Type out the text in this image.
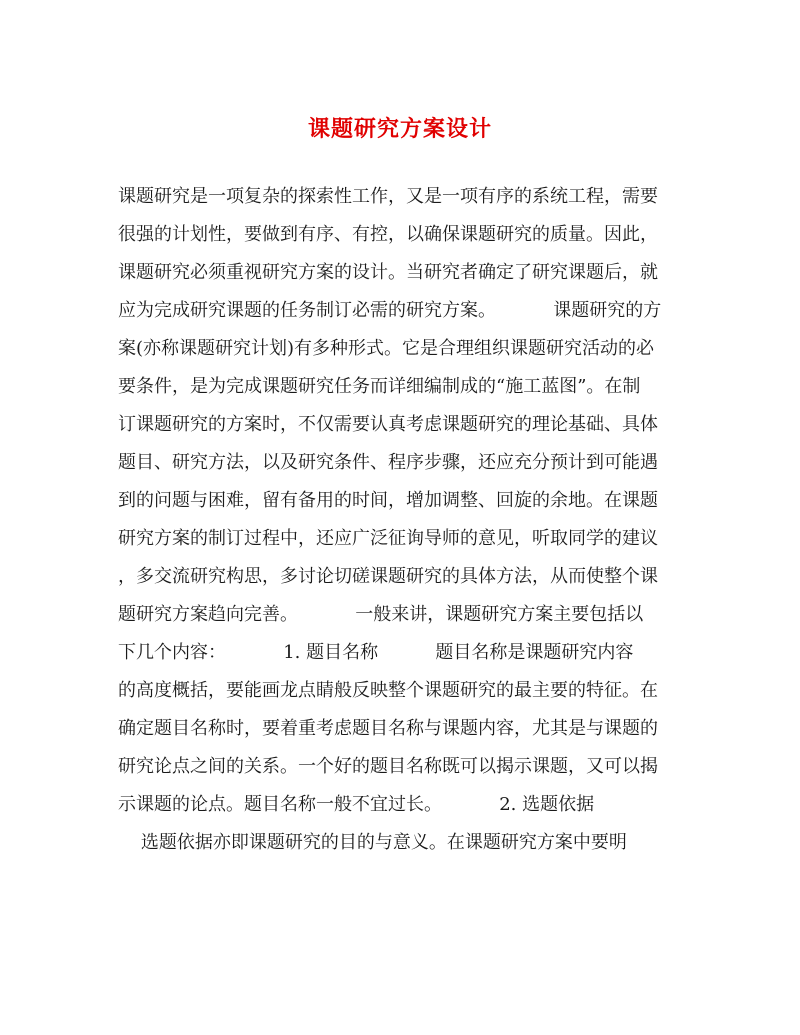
课题研究方案设计

课题研究是一项复杂的探索性工作，又是一项有序的系统工程，需要

很强的计划性，要做到有序、有控，以确保课题研究的质量。因此，

课题研究必须重视研究方案的设计。当研究者确定了研究课题后，就

应为完成研究课题的任务制订必需的研究方案。          课题研究的方

案(亦称课题研究计划)有多种形式。它是合理组织课题研究活动的必

要条件，是为完成课题研究任务而详细编制成的“施工蓝图”。在制

订课题研究的方案时，不仅需要认真考虑课题研究的理论基础、具体

题目、研究方法，以及研究条件、程序步骤，还应充分预计到可能遇

到的问题与困难，留有备用的时间，增加调整、回旋的余地。在课题

研究方案的制订过程中，还应广泛征询导师的意见，听取同学的建议

，多交流研究构思，多讨论切磋课题研究的具体方法，从而使整个课

题研究方案趋向完善。          一般来讲，课题研究方案主要包括以

下几个内容：          1. 题目名称          题目名称是课题研究内容

的高度概括，要能画龙点睛般反映整个课题研究的最主要的特征。在

确定题目名称时，要着重考虑题目名称与课题内容，尤其是与课题的

研究论点之间的关系。一个好的题目名称既可以揭示课题，又可以揭

示课题的论点。题目名称一般不宜过长。          2. 选题依据

选题依据亦即课题研究的目的与意义。在课题研究方案中要明
